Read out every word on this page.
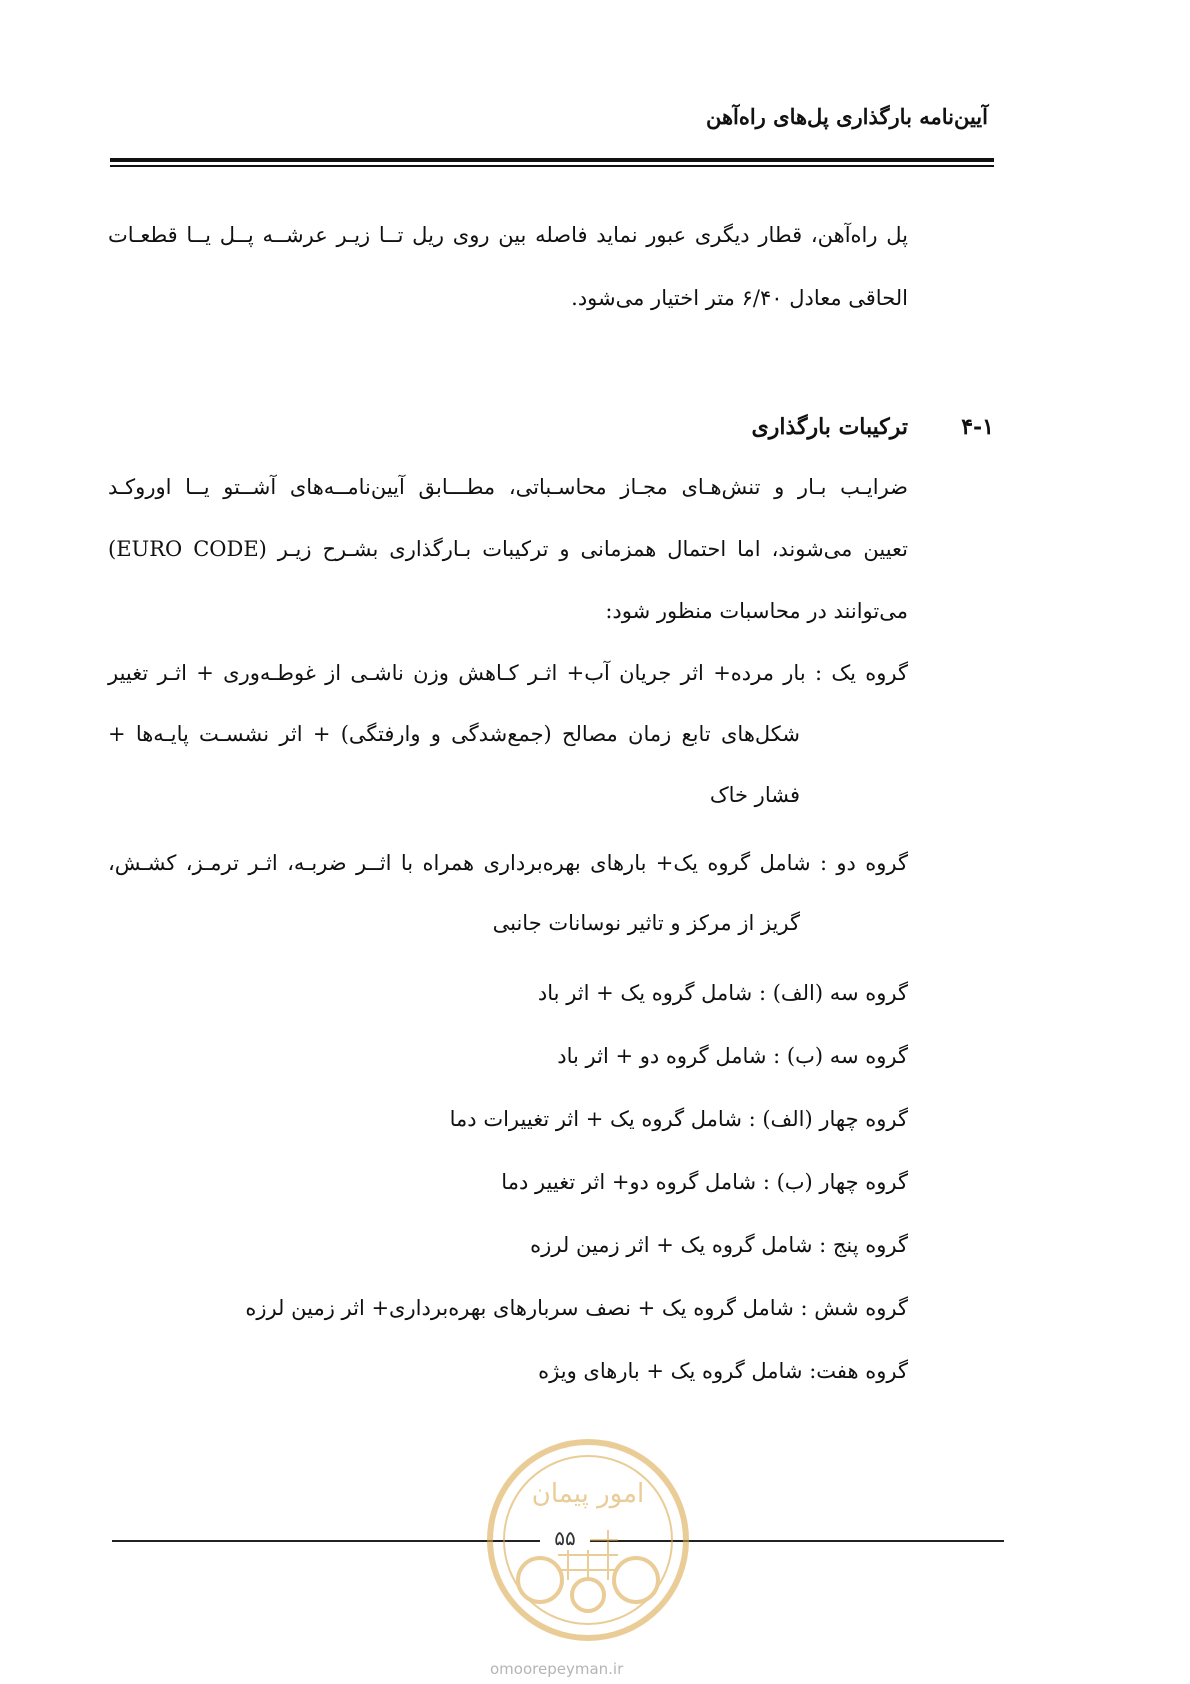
آیین‌نامه بارگذاری پل‌های راه‌آهن
پل راه‌آهن، قطار دیگری عبور نماید فاصله بین روی ریل تــا زیـر عرشــه پــل یــا قطعـات
الحاقی معادل ۶/۴۰ متر اختیار می‌شود.
۴-۱
ترکیبات بارگذاری
ضرایـب بـار و تنش‌هـای مجـاز محاسـباتی، مطـــابق آیین‌نامــه‌های آشــتو یــا اوروکـد
(EURO CODE) تعیین می‌شوند، اما احتمال همزمانی و ترکیبات بـارگذاری بشـرح زیـر
می‌توانند در محاسبات منظور شود:
گروه یک : بار مرده+ اثر جریان آب+ اثـر کـاهش وزن ناشـی از غوطـه‌وری + اثـر تغییر
شکل‌های تابع زمان مصالح (جمع‌شدگی و وارفتگی) + اثر نشسـت پایـه‌ها +
فشار خاک
گروه دو : شامل گروه یک+ بارهای بهره‌برداری همراه با اثــر ضربـه، اثـر ترمـز، کشـش،
گریز از مرکز و تاثیر نوسانات جانبی
گروه سه (الف) : شامل گروه یک + اثر باد
گروه سه (ب) : شامل گروه دو + اثر باد
گروه چهار (الف) : شامل گروه یک + اثر تغییرات دما
گروه چهار (ب) : شامل گروه دو+ اثر تغییر دما
گروه پنج : شامل گروه یک + اثر زمین لرزه
گروه شش : شامل گروه یک + نصف سربارهای بهره‌برداری+ اثر زمین لرزه
گروه هفت: شامل گروه یک + بارهای ویژه
امور پیمان
۵۵
omoorepeyman.ir
